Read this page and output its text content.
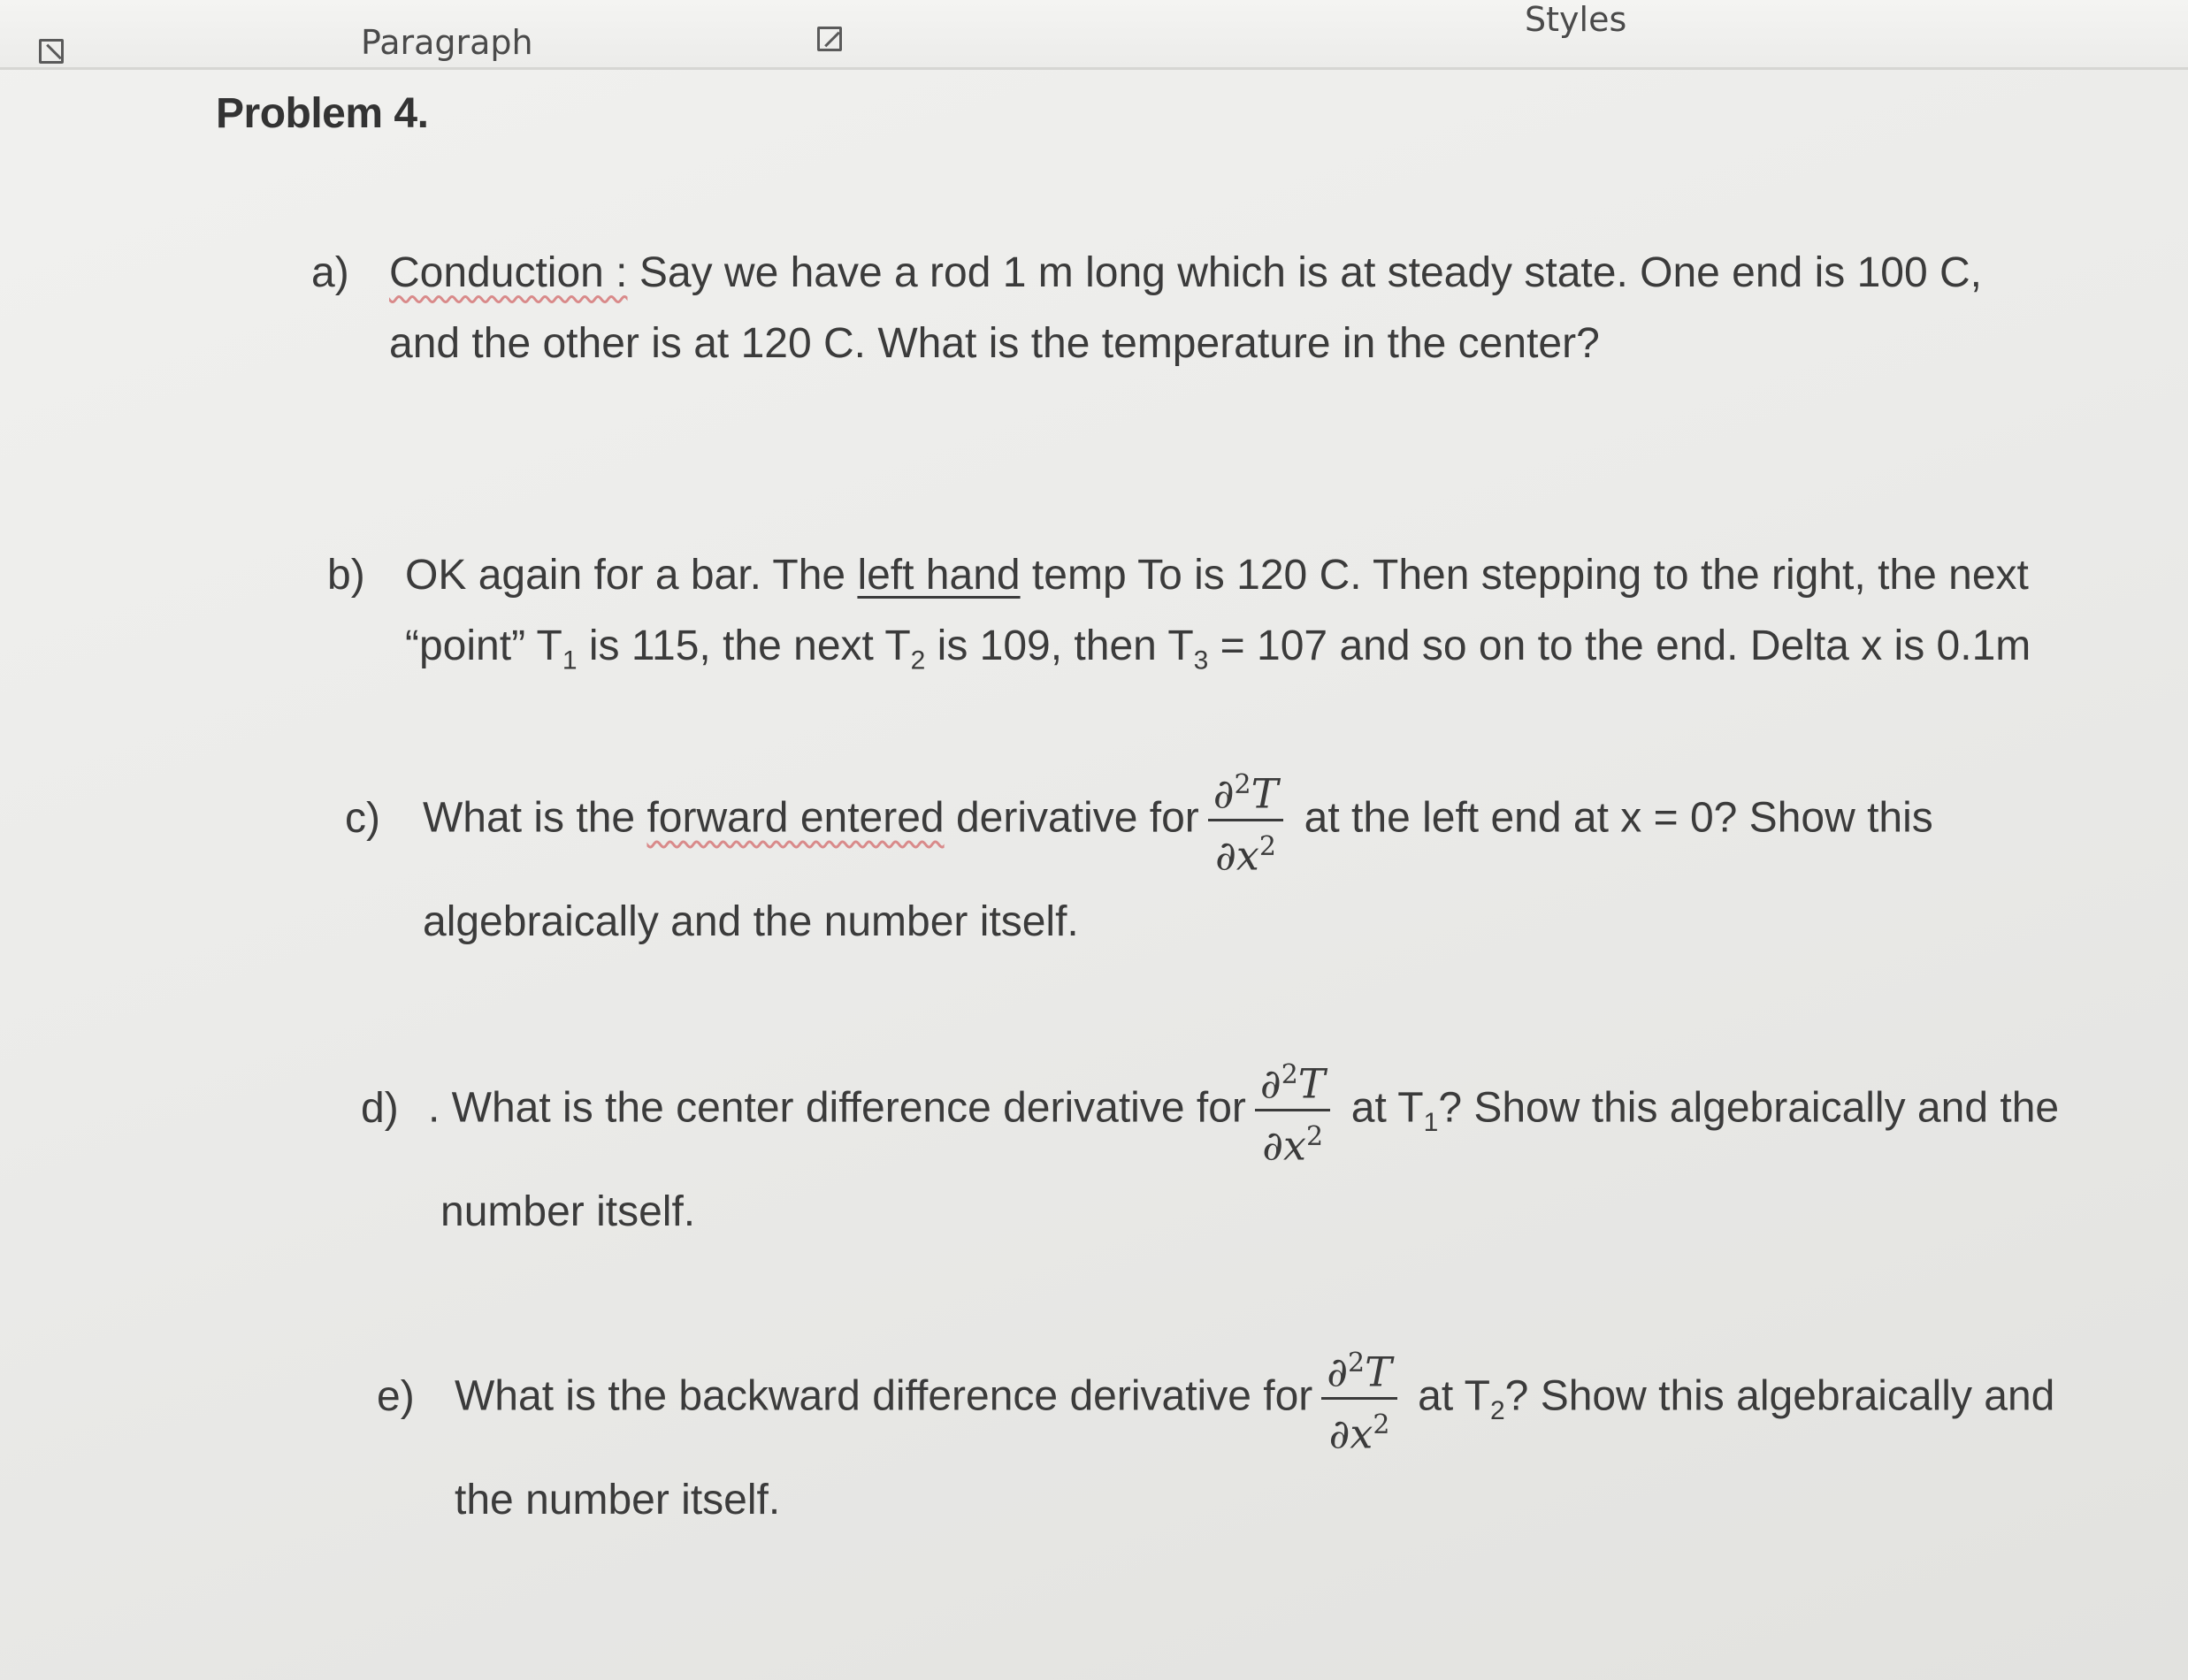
Paragraph
Styles
Problem 4.
a) Conduction : Say we have a rod 1 m long which is at steady state. One end is 100 C,
and the other is at 120 C. What is the temperature in the center?
b) OK again for a bar. The left hand temp To is 120 C. Then stepping to the right, the next
“point” $T_1$ is 115, the next $T_2$ is 109, then $T_3 = 107$ and so on to the end. Delta x is 0.1m
c) What is the forward entered derivative for $\frac{\partial^2T}{\partial x^2}$ at the left end at x = 0? Show this
algebraically and the number itself.
d) . What is the center difference derivative for $\frac{\partial^2T}{\partial x^2}$ at $T_1$? Show this algebraically and the
number itself.
e) What is the backward difference derivative for $\frac{\partial^2T}{\partial x^2}$ at $T_2$? Show this algebraically and
the number itself.
